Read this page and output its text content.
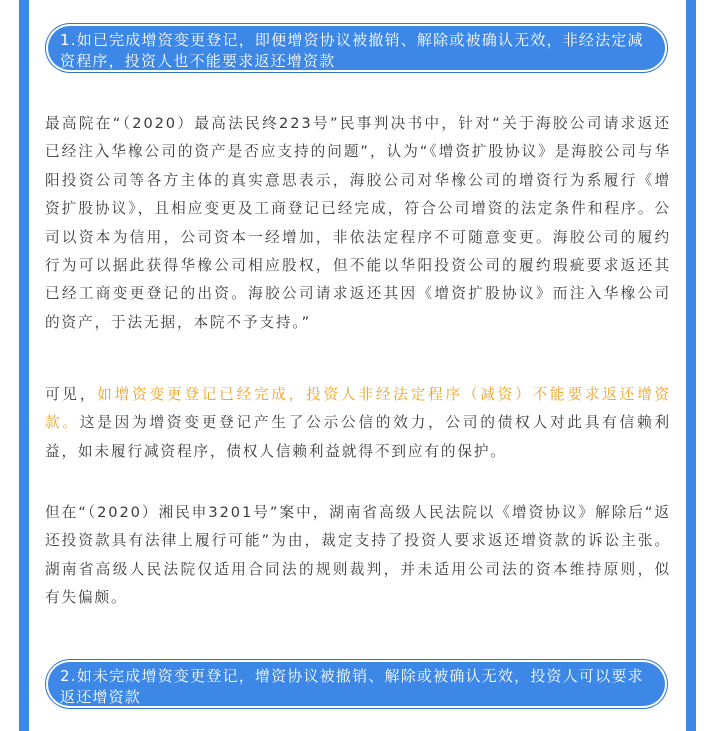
1.如已完成增资变更登记，即便增资协议被撤销、解除或被确认无效，非经法定减资程序，投资人也不能要求返还增资款

最高院在“（2020）最高法民终223号”民事判决书中，针对“关于海胶公司请求返还已经注入华橡公司的资产是否应支持的问题”，认为“《增资扩股协议》是海胶公司与华阳投资公司等各方主体的真实意思表示，海胶公司对华橡公司的增资行为系履行《增资扩股协议》，且相应变更及工商登记已经完成，符合公司增资的法定条件和程序。公司以资本为信用，公司资本一经增加，非依法定程序不可随意变更。海胶公司的履约行为可以据此获得华橡公司相应股权，但不能以华阳投资公司的履约瑕疵要求返还其已经工商变更登记的出资。海胶公司请求返还其因《增资扩股协议》而注入华橡公司的资产，于法无据，本院不予支持。”

可见，如增资变更登记已经完成，投资人非经法定程序（减资）不能要求返还增资款。这是因为增资变更登记产生了公示公信的效力，公司的债权人对此具有信赖利益，如未履行减资程序，债权人信赖利益就得不到应有的保护。

但在“（2020）湘民申3201号”案中，湖南省高级人民法院以《增资协议》解除后“返还投资款具有法律上履行可能”为由，裁定支持了投资人要求返还增资款的诉讼主张。湖南省高级人民法院仅适用合同法的规则裁判，并未适用公司法的资本维持原则，似有失偏颇。

2.如未完成增资变更登记，增资协议被撤销、解除或被确认无效，投资人可以要求返还增资款
